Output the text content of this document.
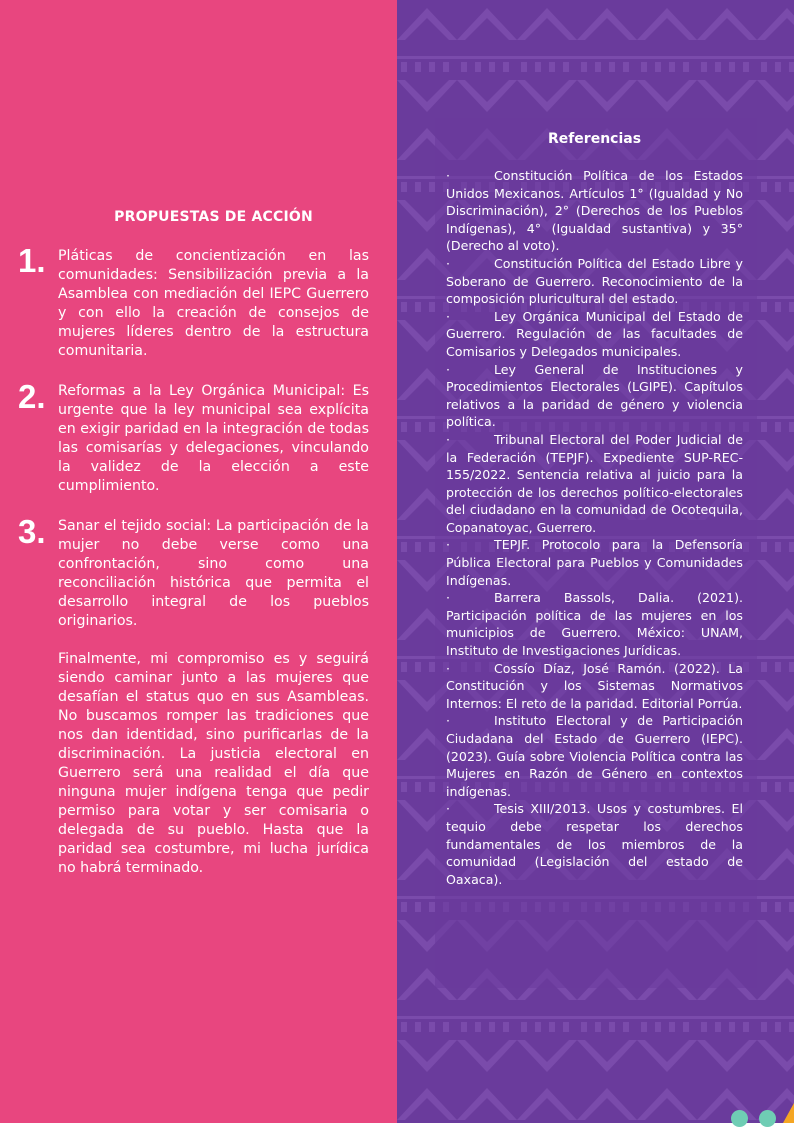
PROPUESTAS DE ACCIÓN
1. Pláticas de concientización en las comunidades: Sensibilización previa a la Asamblea con mediación del IEPC Guerrero y con ello la creación de consejos de mujeres líderes dentro de la estructura comunitaria.
2. Reformas a la Ley Orgánica Municipal: Es urgente que la ley municipal sea explícita en exigir paridad en la integración de todas las comisarías y delegaciones, vinculando la validez de la elección a este cumplimiento.
3. Sanar el tejido social: La participación de la mujer no debe verse como una confrontación, sino como una reconciliación histórica que permita el desarrollo integral de los pueblos originarios.
Finalmente, mi compromiso es y seguirá siendo caminar junto a las mujeres que desafían el status quo en sus Asambleas. No buscamos romper las tradiciones que nos dan identidad, sino purificarlas de la discriminación. La justicia electoral en Guerrero será una realidad el día que ninguna mujer indígena tenga que pedir permiso para votar y ser comisaria o delegada de su pueblo. Hasta que la paridad sea costumbre, mi lucha jurídica no habrá terminado.
Referencias

·	Constitución Política de los Estados Unidos Mexicanos. Artículos 1° (Igualdad y No Discriminación), 2° (Derechos de los Pueblos Indígenas), 4° (Igualdad sustantiva) y 35° (Derecho al voto).

·	Constitución Política del Estado Libre y Soberano de Guerrero. Reconocimiento de la composición pluricultural del estado.

·	Ley Orgánica Municipal del Estado de Guerrero. Regulación de las facultades de Comisarios y Delegados municipales.

·	Ley General de Instituciones y Procedimientos Electorales (LGIPE). Capítulos relativos a la paridad de género y violencia política.

·	Tribunal Electoral del Poder Judicial de la Federación (TEPJF). Expediente SUP-REC-155/2022. Sentencia relativa al juicio para la protección de los derechos político-electorales del ciudadano en la comunidad de Ocotequila, Copanatoyac, Guerrero.

·	TEPJF. Protocolo para la Defensoría Pública Electoral para Pueblos y Comunidades Indígenas.

·	Barrera Bassols, Dalia. (2021). Participación política de las mujeres en los municipios de Guerrero. México: UNAM, Instituto de Investigaciones Jurídicas.

·	Cossío Díaz, José Ramón. (2022). La Constitución y los Sistemas Normativos Internos: El reto de la paridad. Editorial Porrúa.

·	Instituto Electoral y de Participación Ciudadana del Estado de Guerrero (IEPC). (2023). Guía sobre Violencia Política contra las Mujeres en Razón de Género en contextos indígenas.

·	Tesis XIII/2013. Usos y costumbres. El tequio debe respetar los derechos fundamentales de los miembros de la comunidad (Legislación del estado de Oaxaca).
